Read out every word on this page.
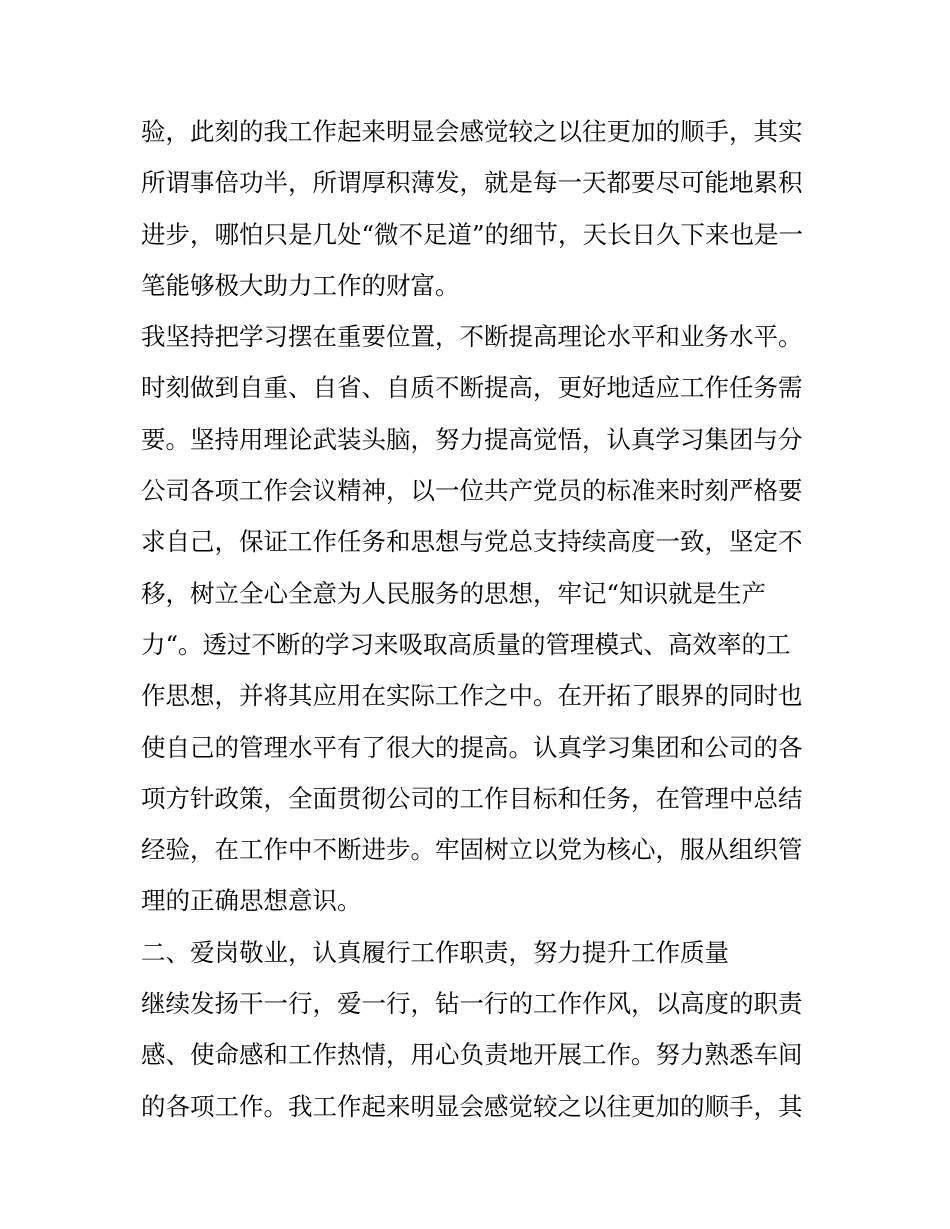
验，此刻的我工作起来明显会感觉较之以往更加的顺手，其实
所谓事倍功半，所谓厚积薄发，就是每一天都要尽可能地累积
进步，哪怕只是几处“微不足道”的细节，天长日久下来也是一
笔能够极大助力工作的财富。
我坚持把学习摆在重要位置，不断提高理论水平和业务水平。
时刻做到自重、自省、自质不断提高，更好地适应工作任务需
要。坚持用理论武装头脑，努力提高觉悟，认真学习集团与分
公司各项工作会议精神，以一位共产党员的标准来时刻严格要
求自己，保证工作任务和思想与党总支持续高度一致，坚定不
移，树立全心全意为人民服务的思想，牢记“知识就是生产
力“。透过不断的学习来吸取高质量的管理模式、高效率的工
作思想，并将其应用在实际工作之中。在开拓了眼界的同时也
使自己的管理水平有了很大的提高。认真学习集团和公司的各
项方针政策，全面贯彻公司的工作目标和任务，在管理中总结
经验，在工作中不断进步。牢固树立以党为核心，服从组织管
理的正确思想意识。
二、爱岗敬业，认真履行工作职责，努力提升工作质量
继续发扬干一行，爱一行，钻一行的工作作风，以高度的职责
感、使命感和工作热情，用心负责地开展工作。努力熟悉车间
的各项工作。我工作起来明显会感觉较之以往更加的顺手，其
